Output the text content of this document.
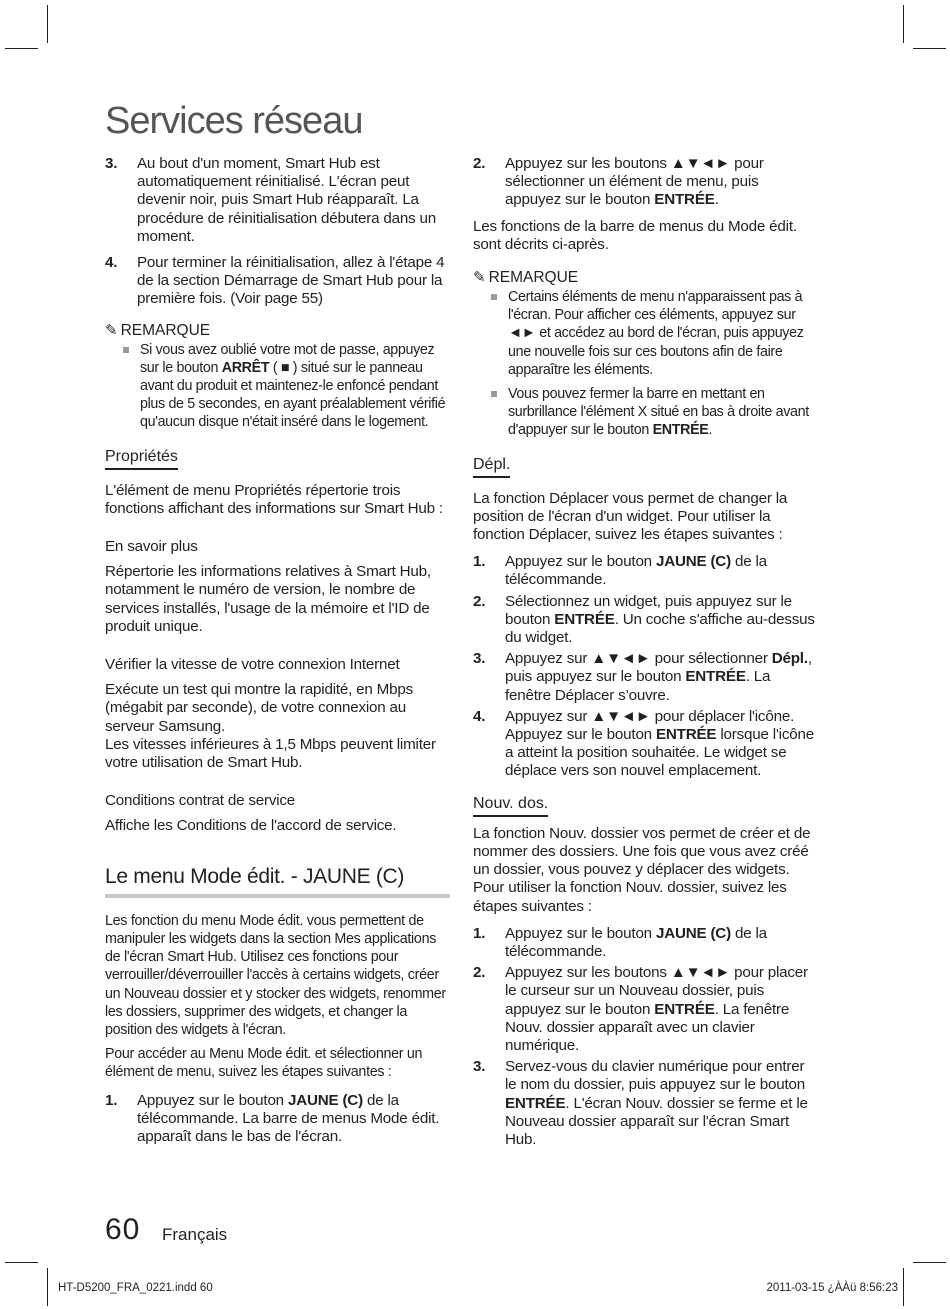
Services réseau
3. Au bout d'un moment, Smart Hub est automatiquement réinitialisé. L'écran peut devenir noir, puis Smart Hub réapparaît. La procédure de réinitialisation débutera dans un moment.
4. Pour terminer la réinitialisation, allez à l'étape 4 de la section Démarrage de Smart Hub pour la première fois. (Voir page 55)
✎ REMARQUE
Si vous avez oublié votre mot de passe, appuyez sur le bouton ARRÊT ( ■ ) situé sur le panneau avant du produit et maintenez-le enfoncé pendant plus de 5 secondes, en ayant préalablement vérifié qu'aucun disque n'était inséré dans le logement.
Propriétés

L'élément de menu Propriétés répertorie trois fonctions affichant des informations sur Smart Hub :

En savoir plus

Répertorie les informations relatives à Smart Hub, notamment le numéro de version, le nombre de services installés, l'usage de la mémoire et l'ID de produit unique.

Vérifier la vitesse de votre connexion Internet

Exécute un test qui montre la rapidité, en Mbps (mégabit par seconde), de votre connexion au serveur Samsung.

Les vitesses inférieures à 1,5 Mbps peuvent limiter votre utilisation de Smart Hub.

Conditions contrat de service

Affiche les Conditions de l'accord de service.

Le menu Mode édit. - JAUNE (C)

Les fonction du menu Mode édit. vous permettent de manipuler les widgets dans la section Mes applications de l'écran Smart Hub. Utilisez ces fonctions pour verrouiller/déverrouiller l'accès à certains widgets, créer un Nouveau dossier et y stocker des widgets, renommer les dossiers, supprimer des widgets, et changer la position des widgets à l'écran.

Pour accéder au Menu Mode édit. et sélectionner un élément de menu, suivez les étapes suivantes :

1. Appuyez sur le bouton JAUNE (C) de la télécommande. La barre de menus Mode édit. apparaît dans le bas de l'écran.
2. Appuyez sur les boutons ▲▼◄► pour sélectionner un élément de menu, puis appuyez sur le bouton ENTRÉE.

Les fonctions de la barre de menus du Mode édit. sont décrits ci-après.

✎ REMARQUE
Certains éléments de menu n'apparaissent pas à l'écran. Pour afficher ces éléments, appuyez sur ◄► et accédez au bord de l'écran, puis appuyez une nouvelle fois sur ces boutons afin de faire apparaître les éléments.
Vous pouvez fermer la barre en mettant en surbrillance l'élément X situé en bas à droite avant d'appuyer sur le bouton ENTRÉE.
Dépl.

La fonction Déplacer vous permet de changer la position de l'écran d'un widget. Pour utiliser la fonction Déplacer, suivez les étapes suivantes :

1. Appuyez sur le bouton JAUNE (C) de la télécommande.
2. Sélectionnez un widget, puis appuyez sur le bouton ENTRÉE. Un coche s'affiche au-dessus du widget.
3. Appuyez sur ▲▼◄► pour sélectionner Dépl., puis appuyez sur le bouton ENTRÉE. La fenêtre Déplacer s’ouvre.
4. Appuyez sur ▲▼◄► pour déplacer l'icône. Appuyez sur le bouton ENTRÉE lorsque l'icône a atteint la position souhaitée. Le widget se déplace vers son nouvel emplacement.
Nouv. dos.

La fonction Nouv. dossier vos permet de créer et de nommer des dossiers. Une fois que vous avez créé un dossier, vous pouvez y déplacer des widgets. Pour utiliser la fonction Nouv. dossier, suivez les étapes suivantes :

1. Appuyez sur le bouton JAUNE (C) de la télécommande.
2. Appuyez sur les boutons ▲▼◄► pour placer le curseur sur un Nouveau dossier, puis appuyez sur le bouton ENTRÉE. La fenêtre Nouv. dossier apparaît avec un clavier numérique.
3. Servez-vous du clavier numérique pour entrer le nom du dossier, puis appuyez sur le bouton ENTRÉE. L'écran Nouv. dossier se ferme et le Nouveau dossier apparaît sur l'écran Smart Hub.
60 Français
HT-D5200_FRA_0221.indd 60	2011-03-15 ¿ÀÀü 8:56:23
